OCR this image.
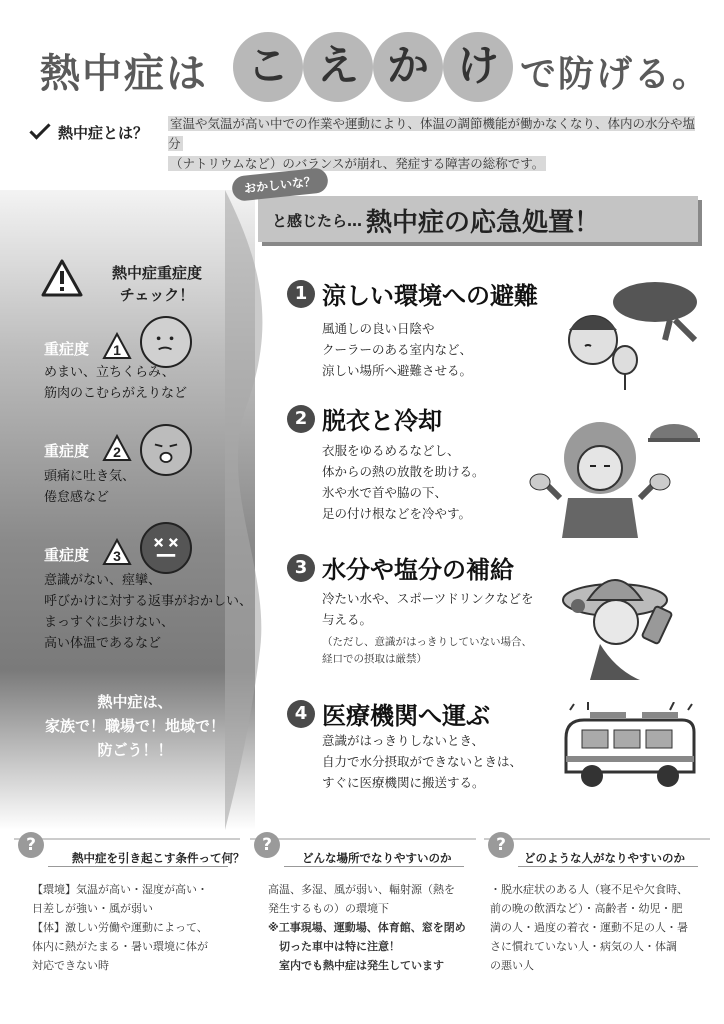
熱中症は こ え か け で防げる。
熱中症とは？
室温や気温が高い中での作業や運動により、体温の調節機能が働かなくなり、体内の水分や塩分
（ナトリウムなど）のバランスが崩れ、発症する障害の総称です。
熱中症重症度
チェック！
重症度 1
めまい、立ちくらみ、
筋肉のこむらがえりなど
重症度 2
頭痛に吐き気、
倦怠感など
重症度 3
意識がない、痙攣、
呼びかけに対する返事がおかしい、
まっすぐに歩けない、
高い体温であるなど
熱中症は、
家族で！職場で！地域で！
防ごう！！
と感じたら… 熱中症の応急処置！
おかしいな？
1 涼しい環境への避難
風通しの良い日陰や
クーラーのある室内など、
涼しい場所へ避難させる。
2 脱衣と冷却
衣服をゆるめるなどし、
体からの熱の放散を助ける。
氷や水で首や脇の下、
足の付け根などを冷やす。
3 水分や塩分の補給
冷たい水や、スポーツドリンクなどを
与える。
（ただし、意識がはっきりしていない場合、
経口での摂取は厳禁）
4 医療機関へ運ぶ
意識がはっきりしないとき、
自力で水分摂取ができないときは、
すぐに医療機関に搬送する。
?
熱中症を引き起こす条件って何？
【環境】気温が高い・湿度が高い・
日差しが強い・風が弱い
【体】激しい労働や運動によって、
体内に熱がたまる・暑い環境に体が
対応できない時
?
どんな場所でなりやすいのか
高温、多湿、風が弱い、輻射源（熱を
発生するもの）の環境下
※工事現場、運動場、体育館、窓を閉め
　切った車中は特に注意！
　室内でも熱中症は発生しています
?
どのような人がなりやすいのか
・脱水症状のある人（寝不足や欠食時、
前の晩の飲酒など）・高齢者・幼児・肥
満の人・過度の着衣・運動不足の人・暑
さに慣れていない人・病気の人・体調
の悪い人
